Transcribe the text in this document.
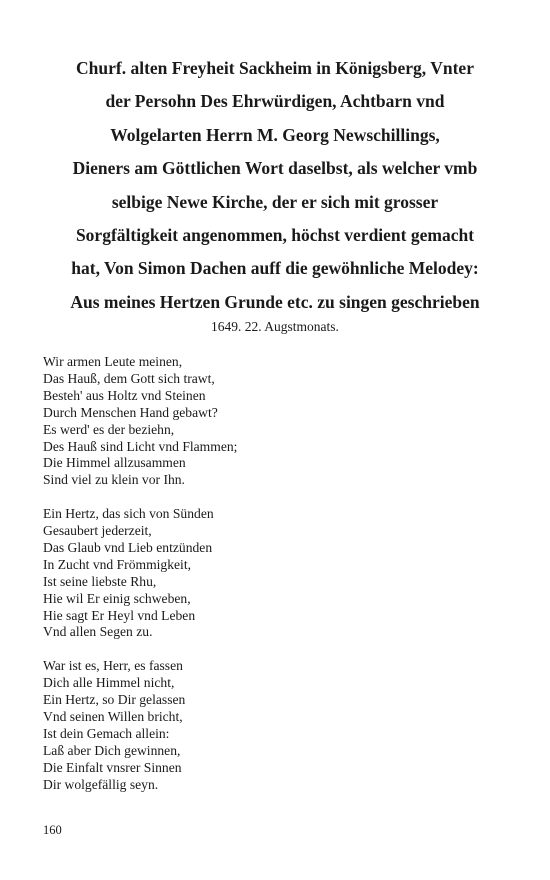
Churf. alten Freyheit Sackheim in Königsberg, Vnter
der Persohn Des Ehrwürdigen, Achtbarn vnd
Wolgelarten Herrn M. Georg Newschillings,
Dieners am Göttlichen Wort daselbst, als welcher vmb
selbige Newe Kirche, der er sich mit grosser
Sorgfältigkeit angenommen, höchst verdient gemacht
hat, Von Simon Dachen auff die gewöhnliche Melodey:
Aus meines Hertzen Grunde etc. zu singen geschrieben
1649. 22. Augstmonats.
Wir armen Leute meinen,
Das Hauß, dem Gott sich trawt,
Besteh' aus Holtz vnd Steinen
Durch Menschen Hand gebawt?
Es werd' es der beziehn,
Des Hauß sind Licht vnd Flammen;
Die Himmel allzusammen
Sind viel zu klein vor Ihn.
Ein Hertz, das sich von Sünden
Gesaubert jederzeit,
Das Glaub vnd Lieb entzünden
In Zucht vnd Frömmigkeit,
Ist seine liebste Rhu,
Hie wil Er einig schweben,
Hie sagt Er Heyl vnd Leben
Vnd allen Segen zu.
War ist es, Herr, es fassen
Dich alle Himmel nicht,
Ein Hertz, so Dir gelassen
Vnd seinen Willen bricht,
Ist dein Gemach allein:
Laß aber Dich gewinnen,
Die Einfalt vnsrer Sinnen
Dir wolgefällig seyn.
160
